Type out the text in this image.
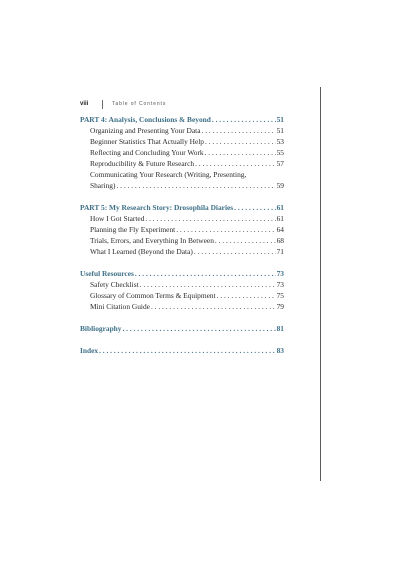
viii	Table of Contents
PART 4: Analysis, Conclusions & Beyond . . .	51
Organizing and Presenting Your Data . . .	51
Beginner Statistics That Actually Help . . .	53
Reflecting and Concluding Your Work . . .	55
Reproducibility & Future Research . . .	57
Communicating Your Research (Writing, Presenting,
Sharing) . . .	59
PART 5: My Research Story: Drosophila Diaries . . .	61
How I Got Started . . .	61
Planning the Fly Experiment . . .	64
Trials, Errors, and Everything In Between . . .	68
What I Learned (Beyond the Data) . . .	71
Useful Resources . . .	73
Safety Checklist . . .	73
Glossary of Common Terms & Equipment . . .	75
Mini Citation Guide . . .	79
Bibliography . . .	81
Index . . .	83
